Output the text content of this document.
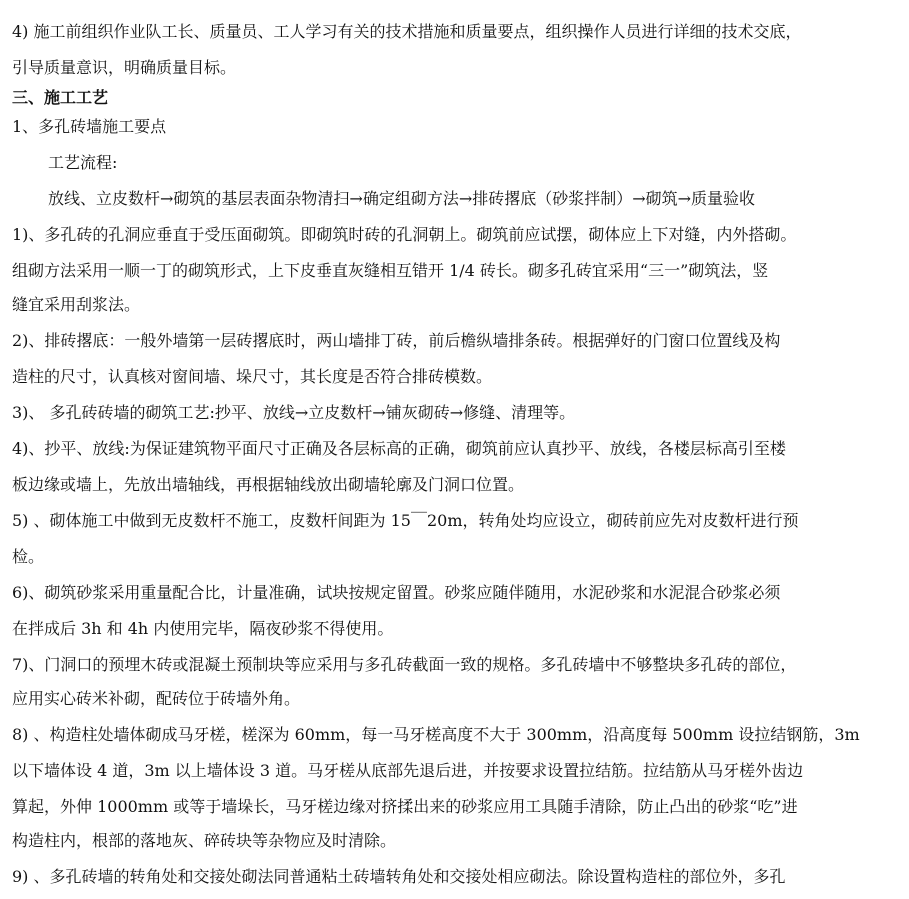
4) 施工前组织作业队工长、质量员、工人学习有关的技术措施和质量要点，组织操作人员进行详细的技术交底，
引导质量意识，明确质量目标。
三、施工工艺
1、多孔砖墙施工要点
工艺流程:
放线、立皮数杆→砌筑的基层表面杂物清扫→确定组砌方法→排砖撂底（砂浆拌制）→砌筑→质量验收
1)、多孔砖的孔洞应垂直于受压面砌筑。即砌筑时砖的孔洞朝上。砌筑前应试摆，砌体应上下对缝，内外搭砌。
组砌方法采用一顺一丁的砌筑形式，上下皮垂直灰缝相互错开 1/4 砖长。砌多孔砖宜采用“三一”砌筑法，竖
缝宜采用刮浆法。
2)、排砖撂底：一般外墙第一层砖撂底时，两山墙排丁砖，前后檐纵墙排条砖。根据弹好的门窗口位置线及构
造柱的尺寸，认真核对窗间墙、垛尺寸，其长度是否符合排砖模数。
3)、 多孔砖砖墙的砌筑工艺:抄平、放线→立皮数杆→铺灰砌砖→修缝、清理等。
4)、抄平、放线:为保证建筑物平面尺寸正确及各层标高的正确，砌筑前应认真抄平、放线，各楼层标高引至楼
板边缘或墙上，先放出墙轴线，再根据轴线放出砌墙轮廓及门洞口位置。
5) 、砌体施工中做到无皮数杆不施工，皮数杆间距为 15￣20m，转角处均应设立，砌砖前应先对皮数杆进行预
检。
6)、砌筑砂浆采用重量配合比，计量准确，试块按规定留置。砂浆应随伴随用，水泥砂浆和水泥混合砂浆必须
在拌成后 3h 和 4h 内使用完毕，隔夜砂浆不得使用。
7)、门洞口的预埋木砖或混凝土预制块等应采用与多孔砖截面一致的规格。多孔砖墙中不够整块多孔砖的部位，
应用实心砖米补砌，配砖位于砖墙外角。
8) 、构造柱处墙体砌成马牙槎，槎深为 60mm，每一马牙槎高度不大于 300mm，沿高度每 500mm 设拉结钢筋，3m
以下墙体设 4 道，3m 以上墙体设 3 道。马牙槎从底部先退后进，并按要求设置拉结筋。拉结筋从马牙槎外齿边
算起，外伸 1000mm 或等于墙垛长，马牙槎边缘对挤揉出来的砂浆应用工具随手清除，防止凸出的砂浆“吃”进
构造柱内，根部的落地灰、碎砖块等杂物应及时清除。
9) 、多孔砖墙的转角处和交接处砌法同普通粘土砖墙转角处和交接处相应砌法。除设置构造柱的部位外，多孔
